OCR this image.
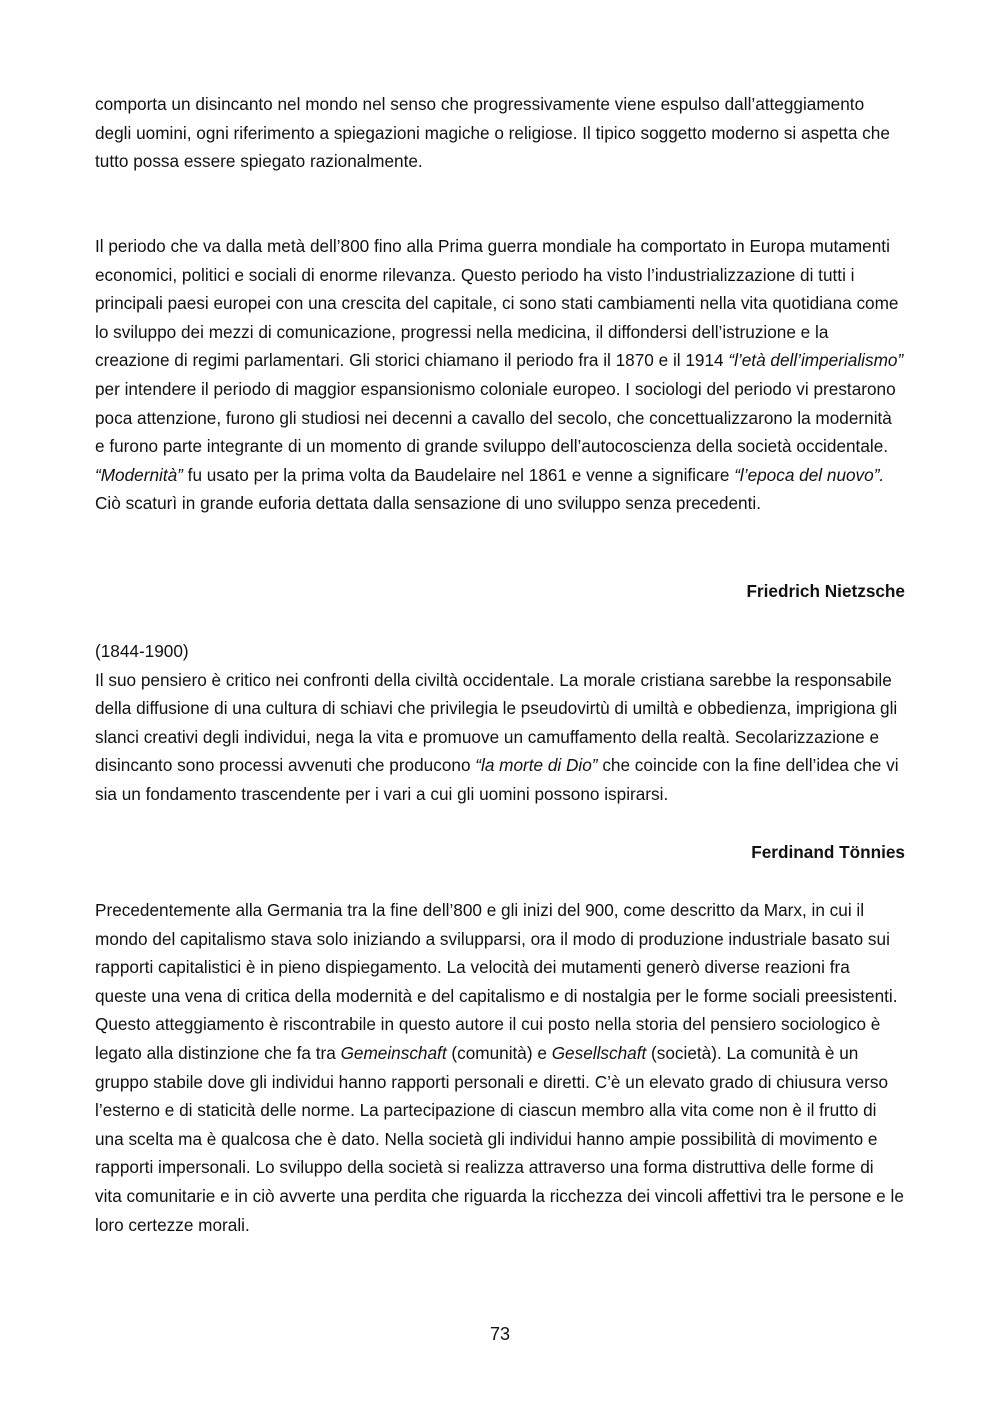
comporta un disincanto nel mondo nel senso che progressivamente viene espulso dall’atteggiamento degli uomini, ogni riferimento a spiegazioni magiche o religiose. Il tipico soggetto moderno si aspetta che tutto possa essere spiegato razionalmente.

Il periodo che va dalla metà dell’800 fino alla Prima guerra mondiale ha comportato in Europa mutamenti economici, politici e sociali di enorme rilevanza. Questo periodo ha visto l’industrializzazione di tutti i principali paesi europei con una crescita del capitale, ci sono stati cambiamenti nella vita quotidiana come lo sviluppo dei mezzi di comunicazione, progressi nella medicina, il diffondersi dell’istruzione e la creazione di regimi parlamentari. Gli storici chiamano il periodo fra il 1870 e il 1914 “l’età dell’imperialismo” per intendere il periodo di maggior espansionismo coloniale europeo. I sociologi del periodo vi prestarono poca attenzione, furono gli studiosi nei decenni a cavallo del secolo, che concettualizzarono la modernità e furono parte integrante di un momento di grande sviluppo dell’autocoscienza della società occidentale. “Modernità” fu usato per la prima volta da Baudelaire nel 1861 e venne a significare “l’epoca del nuovo”. Ciò scaturì in grande euforia dettata dalla sensazione di uno sviluppo senza precedenti.

Friedrich Nietzsche

(1844-1900)
Il suo pensiero è critico nei confronti della civiltà occidentale. La morale cristiana sarebbe la responsabile della diffusione di una cultura di schiavi che privilegia le pseudovirtù di umiltà e obbedienza, imprigiona gli slanci creativi degli individui, nega la vita e promuove un camuffamento della realtà. Secolarizzazione e disincanto sono processi avvenuti che producono “la morte di Dio” che coincide con la fine dell’idea che vi sia un fondamento trascendente per i vari a cui gli uomini possono ispirarsi.

Ferdinand Tönnies

Precedentemente alla Germania tra la fine dell’800 e gli inizi del 900, come descritto da Marx, in cui il mondo del capitalismo stava solo iniziando a svilupparsi, ora il modo di produzione industriale basato sui rapporti capitalistici è in pieno dispiegamento. La velocità dei mutamenti generò diverse reazioni fra queste una vena di critica della modernità e del capitalismo e di nostalgia per le forme sociali preesistenti. Questo atteggiamento è riscontrabile in questo autore il cui posto nella storia del pensiero sociologico è legato alla distinzione che fa tra Gemeinschaft (comunità) e Gesellschaft (società). La comunità è un gruppo stabile dove gli individui hanno rapporti personali e diretti. C’è un elevato grado di chiusura verso l’esterno e di staticità delle norme. La partecipazione di ciascun membro alla vita come non è il frutto di una scelta ma è qualcosa che è dato. Nella società gli individui hanno ampie possibilità di movimento e rapporti impersonali. Lo sviluppo della società si realizza attraverso una forma distruttiva delle forme di vita comunitarie e in ciò avverte una perdita che riguarda la ricchezza dei vincoli affettivi tra le persone e le loro certezze morali.

73
